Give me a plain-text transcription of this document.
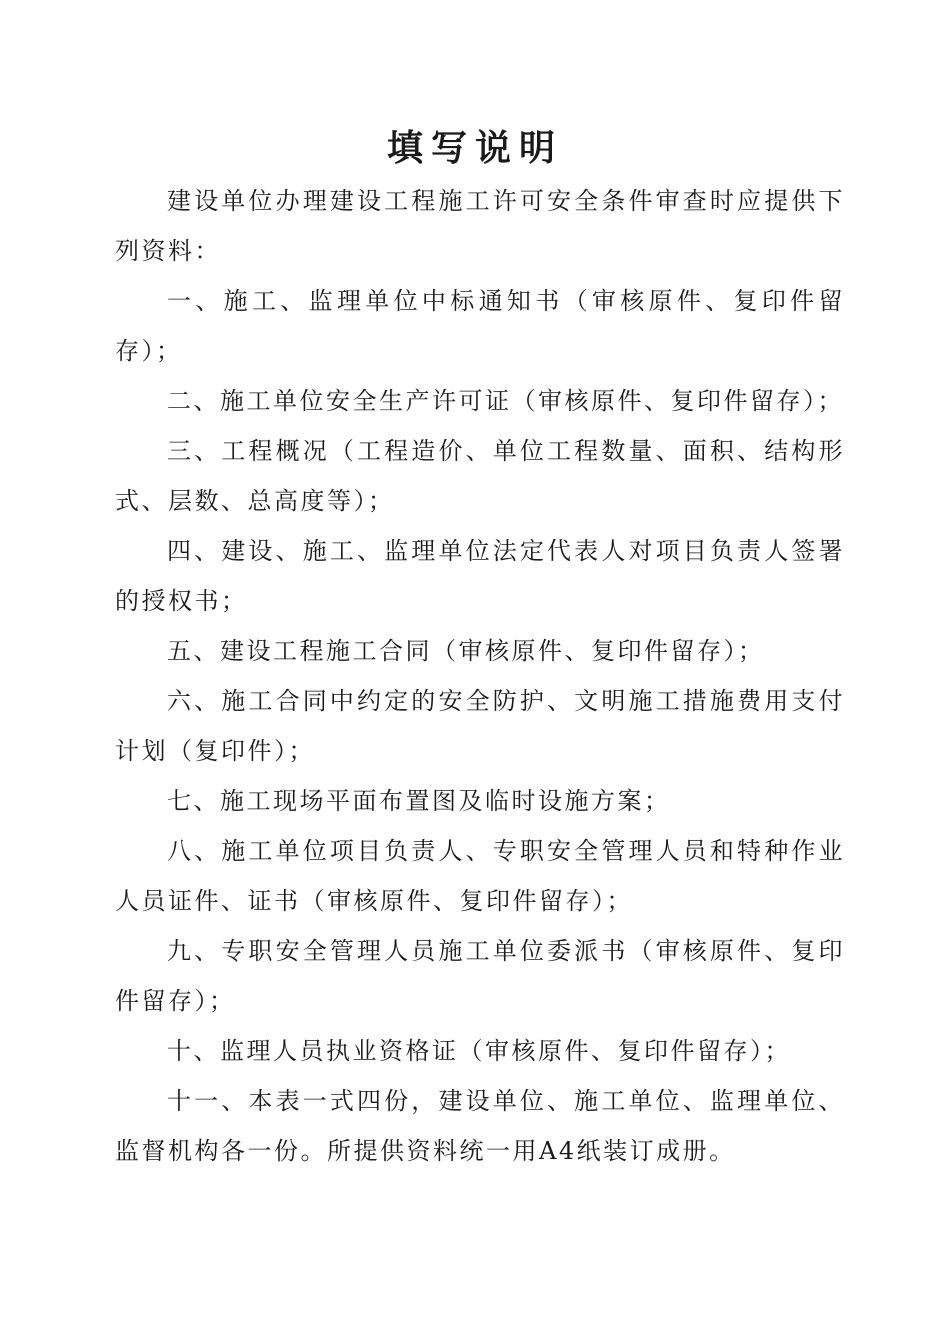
填写说明

建设单位办理建设工程施工许可安全条件审查时应提供下列资料：

一、施工、监理单位中标通知书（审核原件、复印件留存）；

二、施工单位安全生产许可证（审核原件、复印件留存）；

三、工程概况（工程造价、单位工程数量、面积、结构形式、层数、总高度等）；

四、建设、施工、监理单位法定代表人对项目负责人签署的授权书；

五、建设工程施工合同（审核原件、复印件留存）；

六、施工合同中约定的安全防护、文明施工措施费用支付计划（复印件）；

七、施工现场平面布置图及临时设施方案；

八、施工单位项目负责人、专职安全管理人员和特种作业人员证件、证书（审核原件、复印件留存）；

九、专职安全管理人员施工单位委派书（审核原件、复印件留存）；

十、监理人员执业资格证（审核原件、复印件留存）；

十一、本表一式四份，建设单位、施工单位、监理单位、监督机构各一份。所提供资料统一用A4纸装订成册。
